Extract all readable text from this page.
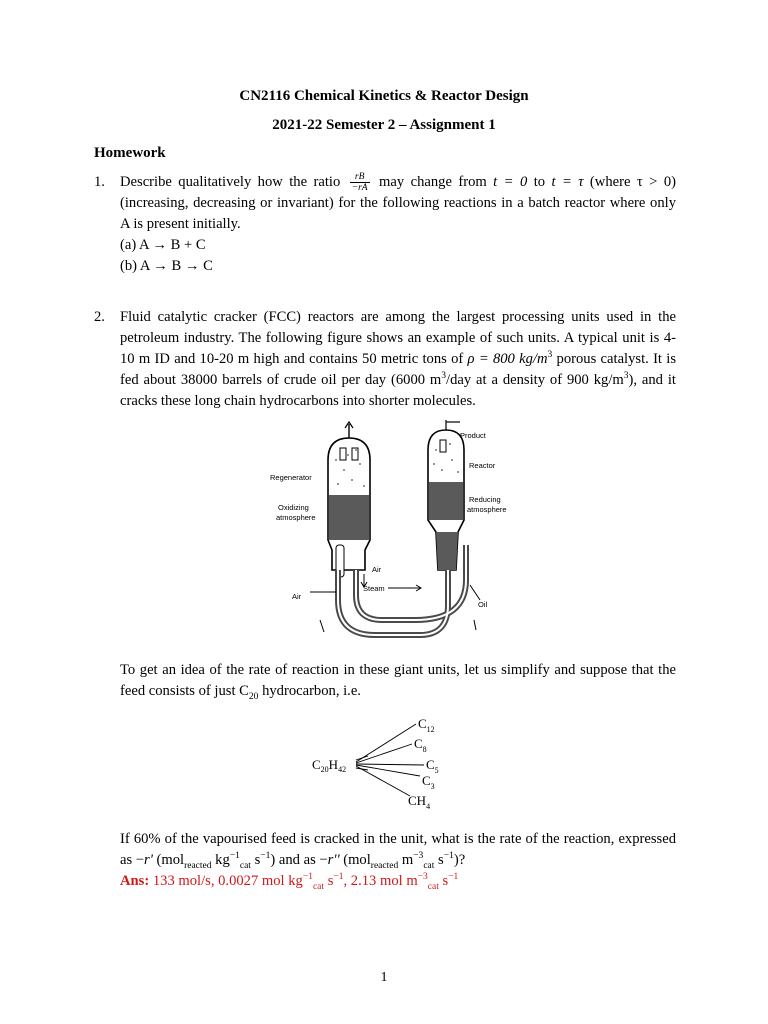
CN2116 Chemical Kinetics & Reactor Design
2021-22 Semester 2 – Assignment 1
Homework
1. Describe qualitatively how the ratio $\frac{rB}{-rA}$ may change from t = 0 to t = τ (where τ > 0) (increasing, decreasing or invariant) for the following reactions in a batch reactor where only A is present initially.
(a) A → B + C
(b) A → B → C
2. Fluid catalytic cracker (FCC) reactors are among the largest processing units used in the petroleum industry. The following figure shows an example of such units. A typical unit is 4-10 m ID and 10-20 m high and contains 50 metric tons of ρ = 800 $kg/m^3$ porous catalyst. It is fed about 38000 barrels of crude oil per day (6000 $m^3$/day at a density of 900 $kg/m^3$), and it cracks these long chain hydrocarbons into shorter molecules.
Product
Reactor
Regenerator
Oxidizing
atmosphere
Reducing
atmosphere
Air
Air
Steam
Oil
To get an idea of the rate of reaction in these giant units, let us simplify and suppose that the feed consists of just $C_{20}$ hydrocarbon, i.e.
$C_{20}H_{42}$
$C_{12}$
$C_8$
$C_5$
$C_3$
$CH_4$
If 60% of the vapourised feed is cracked in the unit, what is the rate of the reaction, expressed as −r' (mol$_{reacted}$ $kg^{-1}_{cat}$ $s^{-1}$) and as −r'' (mol$_{reacted}$ $m^{-3}_{cat}$ $s^{-1}$)?
Ans: 133 mol/s, 0.0027 mol $kg^{-1}_{cat}$ $s^{-1}$, 2.13 mol $m^{-3}_{cat}$ $s^{-1}$
1
